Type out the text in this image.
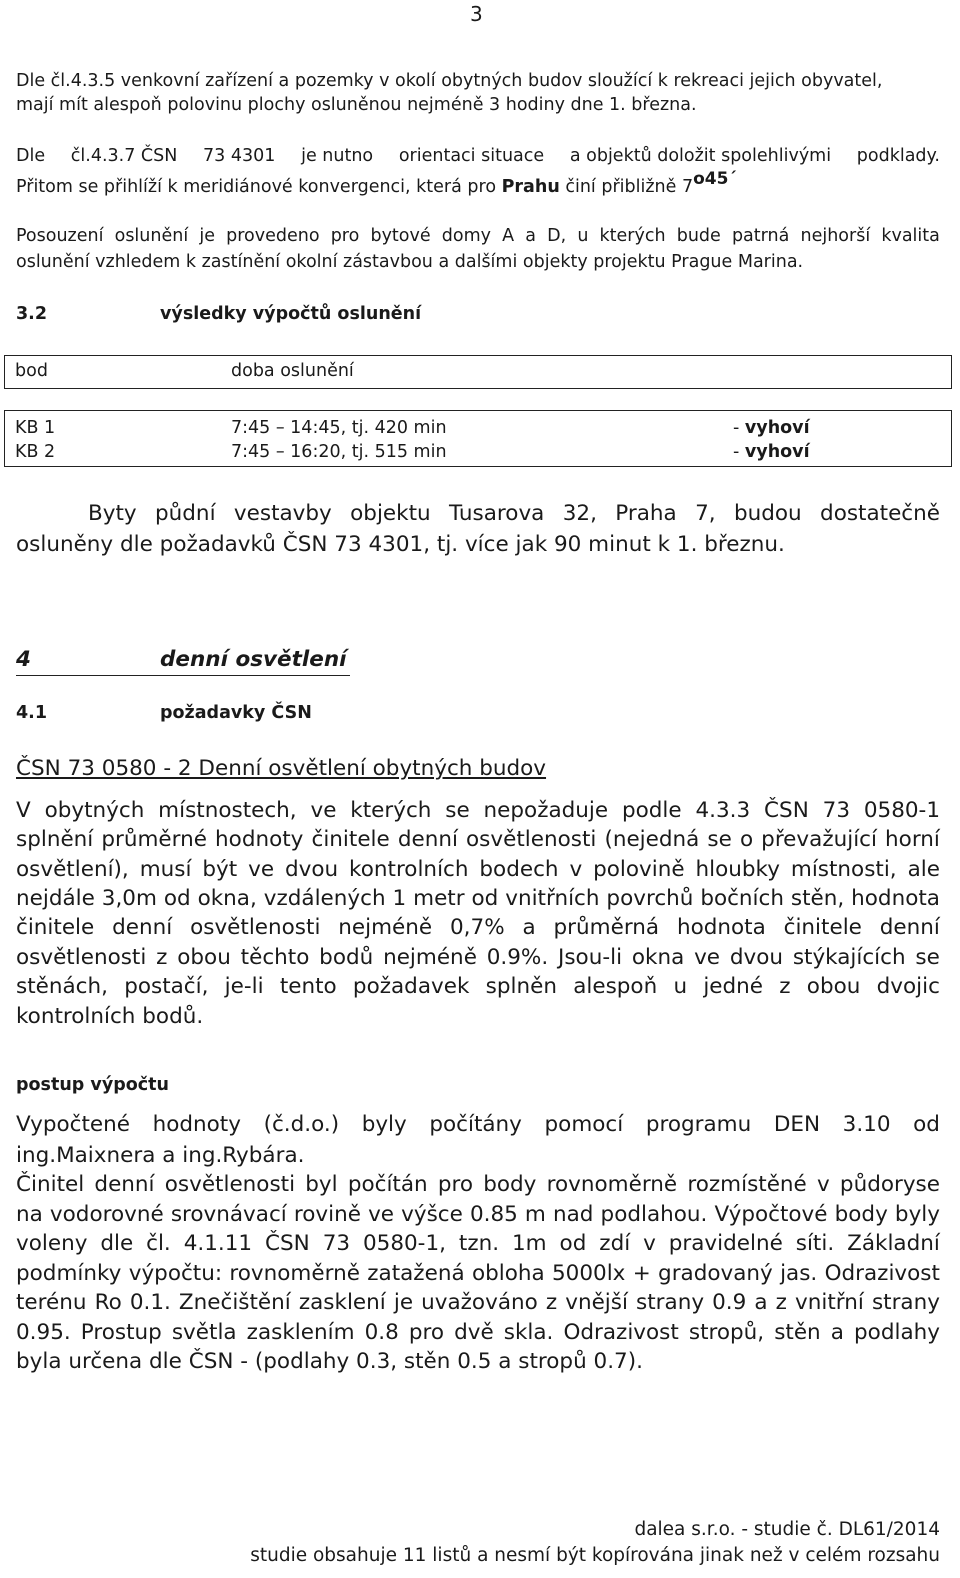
3
Dle čl.4.3.5 venkovní zařízení a pozemky v okolí obytných budov sloužící k rekreaci jejich obyvatel,
mají mít alespoň polovinu plochy osluněnou nejméně 3 hodiny dne 1. března.
Dle čl.4.3.7 ČSN 73 4301 je nutno orientaci situace a objektů doložit spolehlivými podklady.
Přitom se přihlíží k meridiánové konvergenci, která pro Prahu činí přibližně 7o45´
Posouzení oslunění je provedeno pro bytové domy A a D, u kterých bude patrná nejhorší kvalita
oslunění vzhledem k zastínění okolní zástavbou a dalšími objekty projektu Prague Marina.
3.2	výsledky výpočtů oslunění
bod	doba oslunění
KB 1	7:45 – 14:45, tj. 420 min	- vyhoví
KB 2	7:45 – 16:20, tj. 515 min	- vyhoví
Byty půdní vestavby objektu Tusarova 32, Praha 7, budou dostatečně
osluněny dle požadavků ČSN 73 4301, tj. více jak 90 minut k 1. březnu.
4	denní osvětlení
4.1	požadavky ČSN
ČSN 73 0580 - 2 Denní osvětlení obytných budov
V obytných místnostech, ve kterých se nepožaduje podle 4.3.3 ČSN 73 0580-1
splnění průměrné hodnoty činitele denní osvětlenosti (nejedná se o převažující horní
osvětlení), musí být ve dvou kontrolních bodech v polovině hloubky místnosti, ale
nejdále 3,0m od okna, vzdálených 1 metr od vnitřních povrchů bočních stěn, hodnota
činitele denní osvětlenosti nejméně 0,7% a průměrná hodnota činitele denní
osvětlenosti z obou těchto bodů nejméně 0.9%. Jsou-li okna ve dvou stýkajících se
stěnách, postačí, je-li tento požadavek splněn alespoň u jedné z obou dvojic
kontrolních bodů.
postup výpočtu
Vypočtené hodnoty (č.d.o.) byly počítány pomocí programu DEN 3.10 od
ing.Maixnera a ing.Rybára.
Činitel denní osvětlenosti byl počítán pro body rovnoměrně rozmístěné v půdoryse
na vodorovné srovnávací rovině ve výšce 0.85 m nad podlahou. Výpočtové body byly
voleny dle čl. 4.1.11 ČSN 73 0580-1, tzn. 1m od zdí v pravidelné síti. Základní
podmínky výpočtu: rovnoměrně zatažená obloha 5000lx + gradovaný jas. Odrazivost
terénu Ro 0.1. Znečištění zasklení je uvažováno z vnější strany 0.9 a z vnitřní strany
0.95. Prostup světla zasklením 0.8 pro dvě skla. Odrazivost stropů, stěn a podlahy
byla určena dle ČSN - (podlahy 0.3, stěn 0.5 a stropů 0.7).
dalea s.r.o. - studie č. DL61/2014
studie obsahuje 11 listů a nesmí být kopírována jinak než v celém rozsahu
